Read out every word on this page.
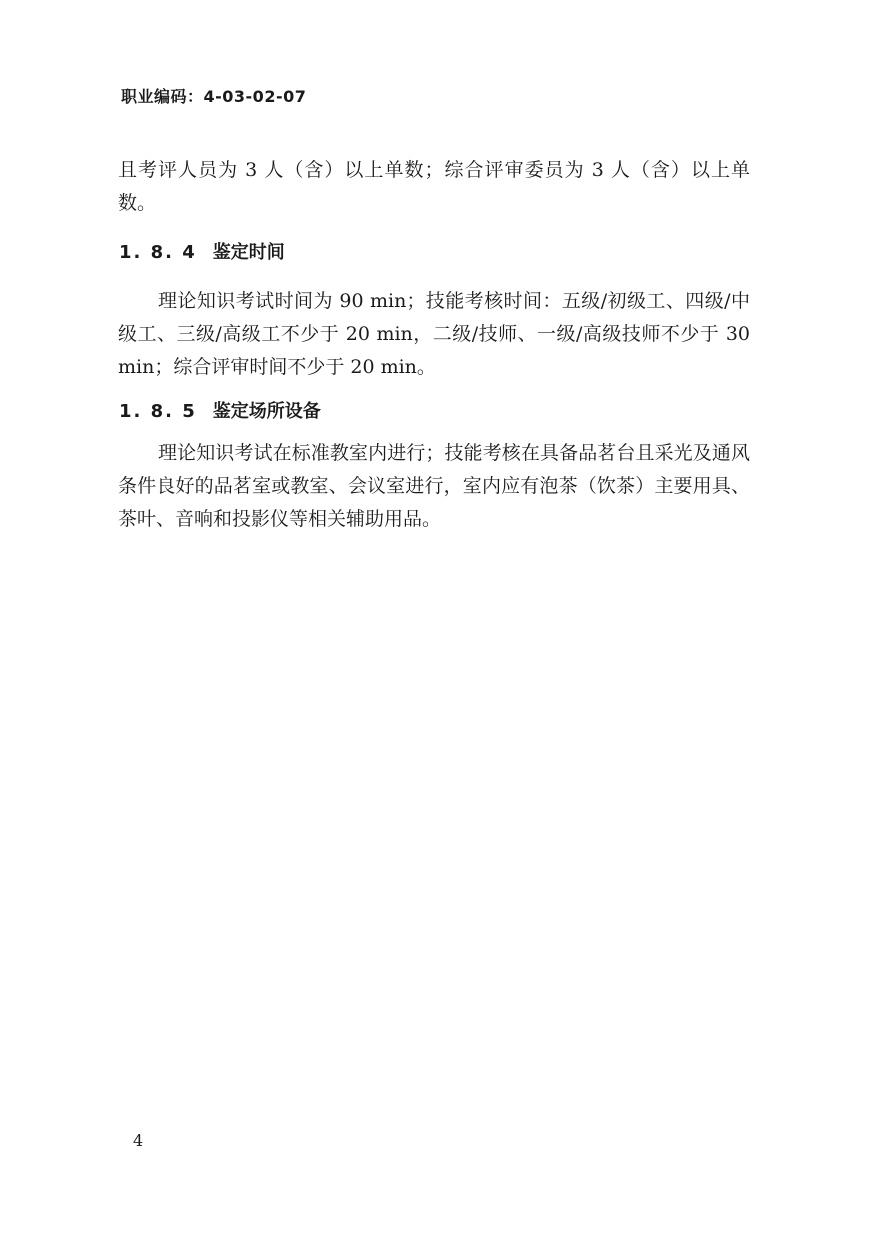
职业编码：4-03-02-07

且考评人员为 3 人（含）以上单数；综合评审委员为 3 人（含）以上单数。

1. 8. 4 鉴定时间

理论知识考试时间为 90 min；技能考核时间：五级/初级工、四级/中级工、三级/高级工不少于 20 min，二级/技师、一级/高级技师不少于 30 min；综合评审时间不少于 20 min。

1. 8. 5 鉴定场所设备

理论知识考试在标准教室内进行；技能考核在具备品茗台且采光及通风条件良好的品茗室或教室、会议室进行，室内应有泡茶（饮茶）主要用具、茶叶、音响和投影仪等相关辅助用品。

4
